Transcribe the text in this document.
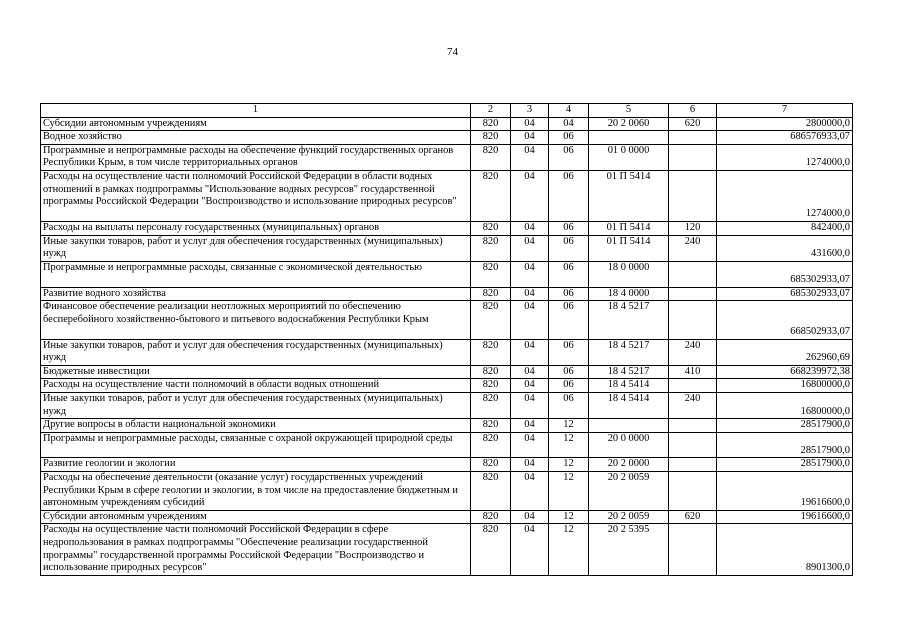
74
1	2	3	4	5	6	7
Субсидии автономным учреждениям	820	04	04	20 2 0060	620	2800000,0
Водное хозяйство	820	04	06			686576933,07
Программные и непрограммные расходы на обеспечение функций государственных органов Республики Крым, в том числе территориальных органов	820	04	06	01 0 0000		1274000,0
Расходы на осуществление части полномочий Российской Федерации в области водных отношений в рамках подпрограммы "Использование водных ресурсов" государственной программы Российской Федерации "Воспроизводство и использование природных ресурсов"	820	04	06	01 П 5414		1274000,0
Расходы на выплаты персоналу государственных (муниципальных) органов	820	04	06	01 П 5414	120	842400,0
Иные закупки товаров, работ и услуг для обеспечения государственных (муниципальных) нужд	820	04	06	01 П 5414	240	431600,0
Программные и непрограммные расходы, связанные с экономической деятельностью	820	04	06	18 0 0000		685302933,07
Развитие водного хозяйства	820	04	06	18 4 0000		685302933,07
Финансовое обеспечение реализации неотложных мероприятий по обеспечению бесперебойного хозяйственно-бытового и питьевого водоснабжения Республики Крым	820	04	06	18 4 5217		668502933,07
Иные закупки товаров, работ и услуг для обеспечения государственных (муниципальных) нужд	820	04	06	18 4 5217	240	262960,69
Бюджетные инвестиции	820	04	06	18 4 5217	410	668239972,38
Расходы на осуществление части полномочий в области водных отношений	820	04	06	18 4 5414		16800000,0
Иные закупки товаров, работ и услуг для обеспечения государственных (муниципальных) нужд	820	04	06	18 4 5414	240	16800000,0
Другие вопросы в области национальной экономики	820	04	12			28517900,0
Программы и непрограммные расходы, связанные с охраной окружающей природной среды	820	04	12	20 0 0000		28517900,0
Развитие геологии и экологии	820	04	12	20 2 0000		28517900,0
Расходы на обеспечение деятельности (оказание услуг) государственных учреждений Республики Крым в сфере геологии и экологии, в том числе на предоставление бюджетным и автономным учреждениям субсидий	820	04	12	20 2 0059		19616600,0
Субсидии автономным учреждениям	820	04	12	20 2 0059	620	19616600,0
Расходы на осуществление части полномочий Российской Федерации в сфере недропользования в рамках подпрограммы "Обеспечение реализации государственной программы" государственной программы Российской Федерации "Воспроизводство и использование природных ресурсов"	820	04	12	20 2 5395		8901300,0
